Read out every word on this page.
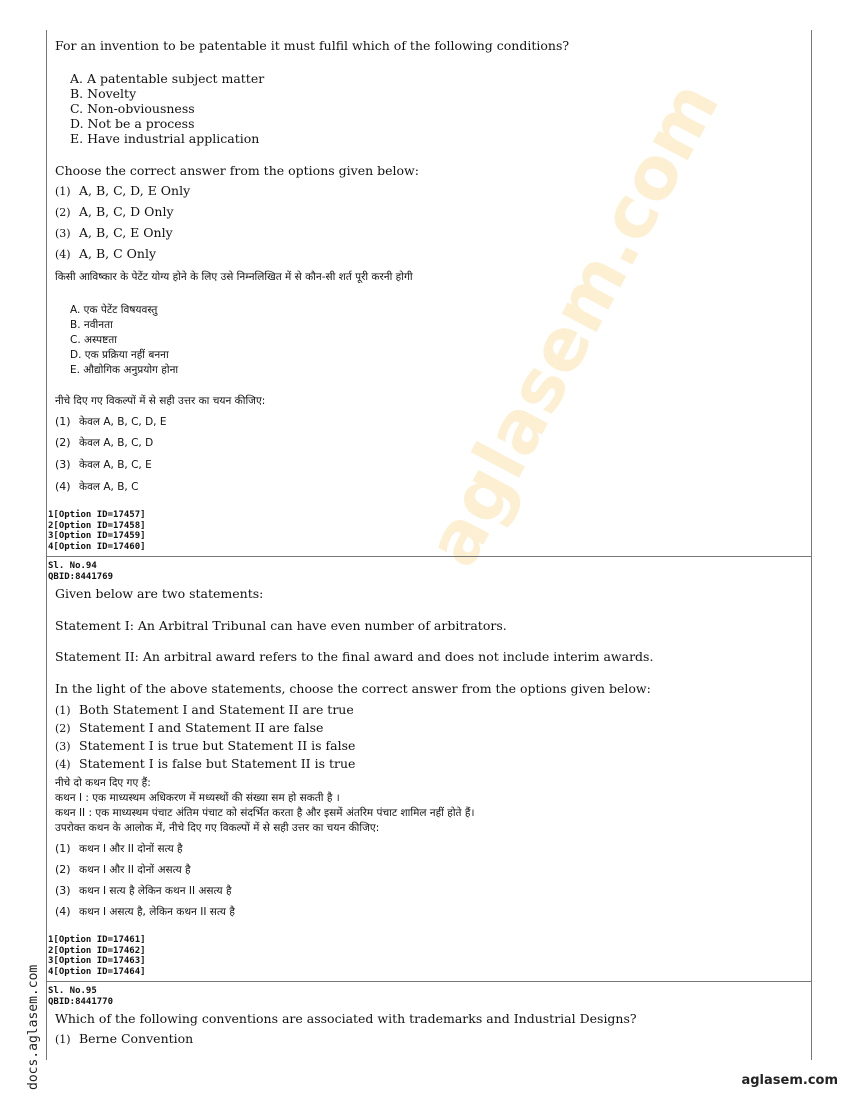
aglasem.com
For an invention to be patentable it must fulfil which of the following conditions?
A. A patentable subject matter
B. Novelty
C. Non-obviousness
D. Not be a process
E. Have industrial application
Choose the correct answer from the options given below:
(1) A, B, C, D, E Only
(2) A, B, C, D Only
(3) A, B, C, E Only
(4) A, B, C Only
किसी आविष्कार के पेटेंट योग्य होने के लिए उसे निम्नलिखित में से कौन-सी शर्त पूरी करनी होगी
A. एक पेटेंट विषयवस्तु
B. नवीनता
C. अस्पष्टता
D. एक प्रक्रिया नहीं बनना
E. औद्योगिक अनुप्रयोग होना
नीचे दिए गए विकल्पों में से सही उत्तर का चयन कीजिए:
(1) केवल A, B, C, D, E
(2) केवल A, B, C, D
(3) केवल A, B, C, E
(4) केवल A, B, C
1[Option ID=17457]
2[Option ID=17458]
3[Option ID=17459]
4[Option ID=17460]
Sl. No.94
QBID:8441769
Given below are two statements:
Statement I: An Arbitral Tribunal can have even number of arbitrators.
Statement II: An arbitral award refers to the final award and does not include interim awards.
In the light of the above statements, choose the correct answer from the options given below:
(1) Both Statement I and Statement II are true
(2) Statement I and Statement II are false
(3) Statement I is true but Statement II is false
(4) Statement I is false but Statement II is true
नीचे दो कथन दिए गए हैं:
कथन I : एक माध्यस्थम अधिकरण में मध्यस्थों की संख्या सम हो सकती है ।
कथन II : एक माध्यस्थम पंचाट अंतिम पंचाट को संदर्भित करता है और इसमें अंतरिम पंचाट शामिल नहीं होते हैं।
उपरोक्त कथन के आलोक में, नीचे दिए गए विकल्पों में से सही उत्तर का चयन कीजिए:
(1) कथन I और II दोनों सत्य है
(2) कथन I और II दोनों असत्य है
(3) कथन I सत्य है लेकिन कथन II असत्य है
(4) कथन I असत्य है, लेकिन कथन II सत्य है
1[Option ID=17461]
2[Option ID=17462]
3[Option ID=17463]
4[Option ID=17464]
Sl. No.95
QBID:8441770
Which of the following conventions are associated with trademarks and Industrial Designs?
(1) Berne Convention
docs.aglasem.com	aglasem.com
